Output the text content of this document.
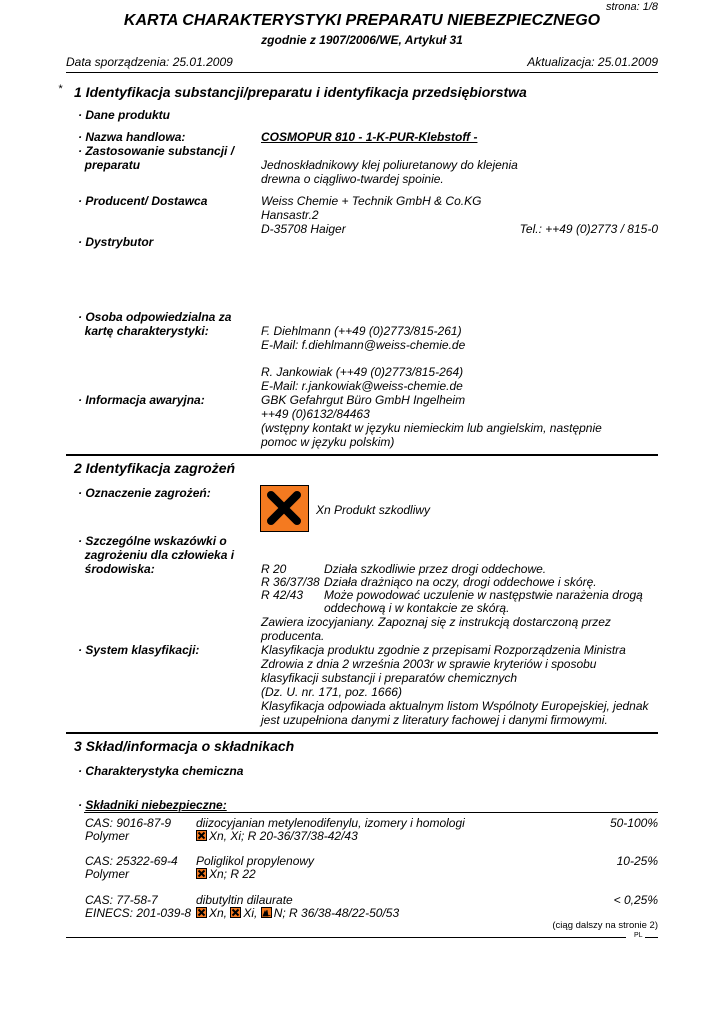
strona: 1/8
KARTA CHARAKTERYSTYKI PREPARATU NIEBEZPIECZNEGO
zgodnie z 1907/2006/WE, Artykuł 31
Data sporządzenia: 25.01.2009	Aktualizacja: 25.01.2009
* 1 Identyfikacja substancji/preparatu i identyfikacja przedsiębiorstwa
· Dane produktu
· Nazwa handlowa:	COSMOPUR 810 - 1-K-PUR-Klebstoff -
· Zastosowanie substancji /
preparatu	Jednoskładnikowy klej poliuretanowy do klejenia
drewna o ciągliwo-twardej spoinie.
· Producent/ Dostawca	Weiss Chemie + Technik GmbH & Co.KG
Hansastr.2
D-35708 Haiger	Tel.: ++49 (0)2773 / 815-0
· Dystrybutor
· Osoba odpowiedzialna za
kartę charakterystyki:	F. Diehlmann (++49 (0)2773/815-261)
E-Mail: f.diehlmann@weiss-chemie.de
R. Jankowiak (++49 (0)2773/815-264)
E-Mail: r.jankowiak@weiss-chemie.de
· Informacja awaryjna:	GBK Gefahrgut Büro GmbH Ingelheim
++49 (0)6132/84463
(wstępny kontakt w języku niemieckim lub angielskim, następnie
pomoc w języku polskim)
2 Identyfikacja zagrożeń
· Oznaczenie zagrożeń:
Xn Produkt szkodliwy
· Szczególne wskazówki o
zagrożeniu dla człowieka i
środowiska:	R 20	Działa szkodliwie przez drogi oddechowe.
R 36/37/38 Działa drażniąco na oczy, drogi oddechowe i skórę.
R 42/43 Może powodować uczulenie w następstwie narażenia drogą
oddechową i w kontakcie ze skórą.
Zawiera izocyjaniany. Zapoznaj się z instrukcją dostarczoną przez
producenta.
· System klasyfikacji:	Klasyfikacja produktu zgodnie z przepisami Rozporządzenia Ministra
Zdrowia z dnia 2 września 2003r w sprawie kryteriów i sposobu
klasyfikacji substancji i preparatów chemicznych
(Dz. U. nr. 171, poz. 1666)
Klasyfikacja odpowiada aktualnym listom Wspólnoty Europejskiej, jednak
jest uzupełniona danymi z literatury fachowej i danymi firmowymi.
3 Skład/informacja o składnikach
· Charakterystyka chemiczna
· Składniki niebezpieczne:
CAS: 9016-87-9
Polymer
diizocyjanian metylenodifenylu, izomery i homologi
Xn, Xi; R 20-36/37/38-42/43
50-100%
CAS: 25322-69-4
Polymer
Poliglikol propylenowy
Xn; R 22
10-25%
CAS: 77-58-7
EINECS: 201-039-8
dibutyltin dilaurate
Xn, Xi, N; R 36/38-48/22-50/53
< 0,25%
(ciąg dalszy na stronie 2)
PL
